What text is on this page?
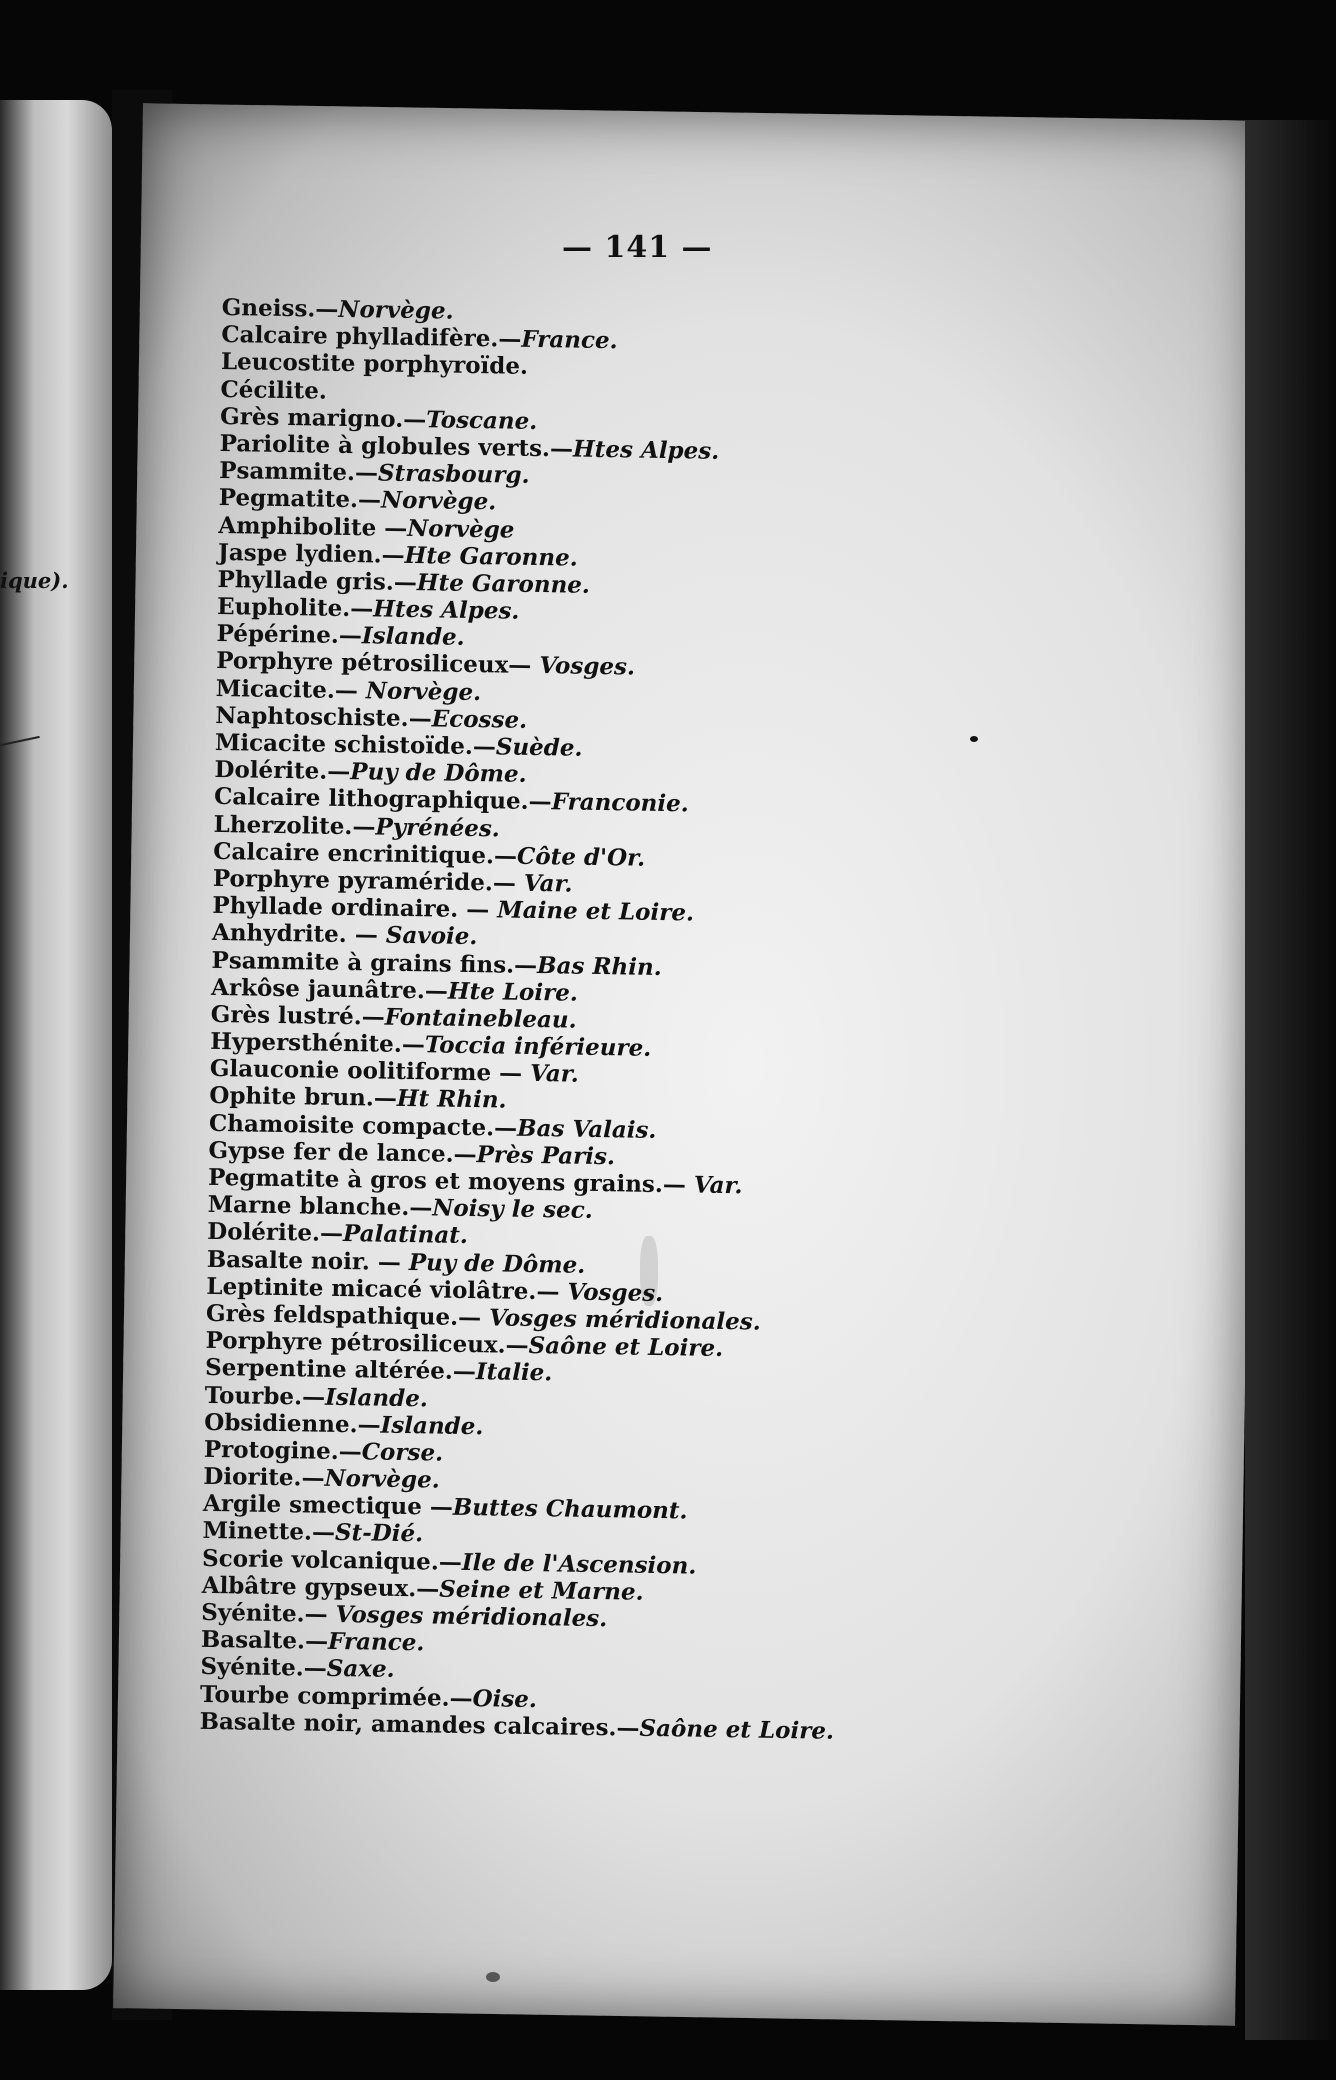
ique).
— 141 —
Gneiss.—Norvège.
Calcaire phylladifère.—France.
Leucostite porphyroïde.
Cécilite.
Grès marigno.—Toscane.
Pariolite à globules verts.—Htes Alpes.
Psammite.—Strasbourg.
Pegmatite.—Norvège.
Amphibolite —Norvège
Jaspe lydien.—Hte Garonne.
Phyllade gris.—Hte Garonne.
Eupholite.—Htes Alpes.
Pépérine.—Islande.
Porphyre pétrosiliceux— Vosges.
Micacite.— Norvège.
Naphtoschiste.—Ecosse.
Micacite schistoïde.—Suède.
Dolérite.—Puy de Dôme.
Calcaire lithographique.—Franconie.
Lherzolite.—Pyrénées.
Calcaire encrinitique.—Côte d'Or.
Porphyre pyraméride.— Var.
Phyllade ordinaire. — Maine et Loire.
Anhydrite. — Savoie.
Psammite à grains fins.—Bas Rhin.
Arkôse jaunâtre.—Hte Loire.
Grès lustré.—Fontainebleau.
Hypersthénite.—Toccia inférieure.
Glauconie oolitiforme — Var.
Ophite brun.—Ht Rhin.
Chamoisite compacte.—Bas Valais.
Gypse fer de lance.—Près Paris.
Pegmatite à gros et moyens grains.— Var.
Marne blanche.—Noisy le sec.
Dolérite.—Palatinat.
Basalte noir. — Puy de Dôme.
Leptinite micacé violâtre.— Vosges.
Grès feldspathique.— Vosges méridionales.
Porphyre pétrosiliceux.—Saône et Loire.
Serpentine altérée.—Italie.
Tourbe.—Islande.
Obsidienne.—Islande.
Protogine.—Corse.
Diorite.—Norvège.
Argile smectique —Buttes Chaumont.
Minette.—St-Dié.
Scorie volcanique.—Ile de l'Ascension.
Albâtre gypseux.—Seine et Marne.
Syénite.— Vosges méridionales.
Basalte.—France.
Syénite.—Saxe.
Tourbe comprimée.—Oise.
Basalte noir, amandes calcaires.—Saône et Loire.
